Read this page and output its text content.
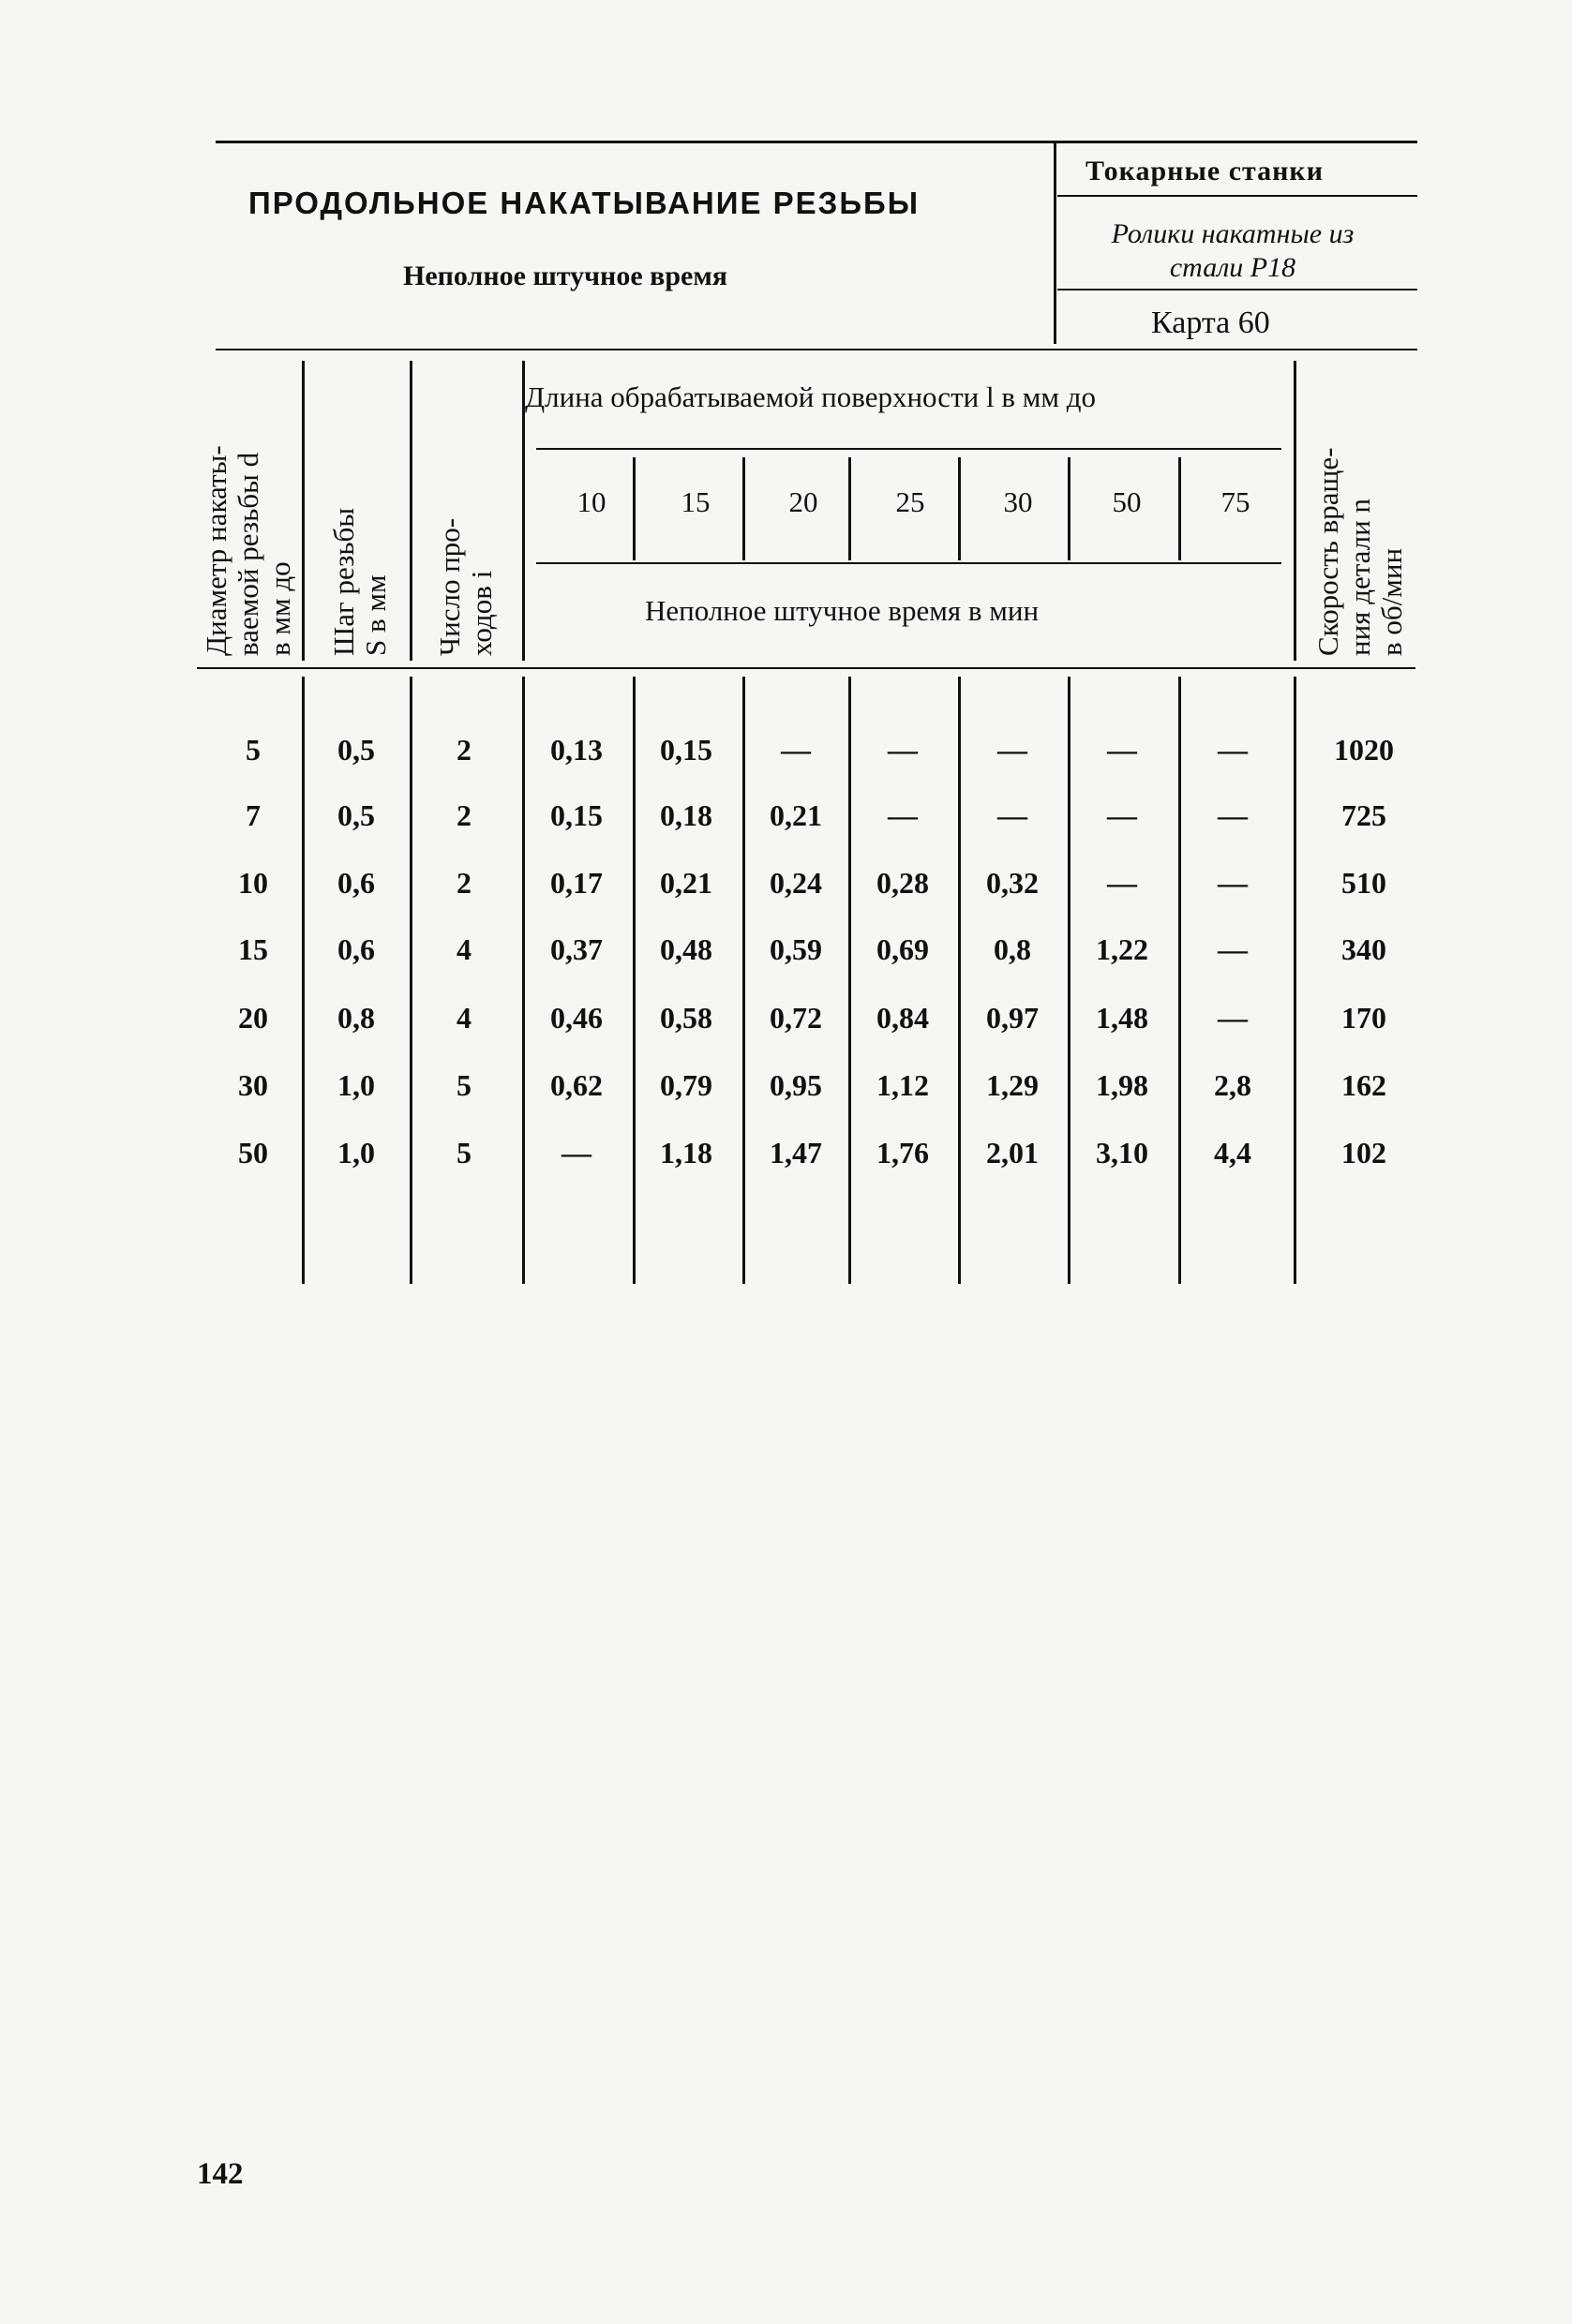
ПРОДОЛЬНОЕ НАКАТЫВАНИЕ РЕЗЬБЫ
Неполное штучное время
Токарные станки
Ролики накатные из стали Р18
Карта 60
Диаметр накаты- ваемой резьбы d в мм до Шаг резьбы S в мм Число про- ходов i	Скорость враще- ния детали n в об/мин
Длина обрабатываемой поверхности l в мм до
Неполное штучное время в мин
10	15	20	25	30	50	75
5	0,5	2	0,13	0,15	—	—	—	—	—	1020
7	0,5	2	0,15	0,18	0,21	—	—	—	—	725
10	0,6	2	0,17	0,21	0,24	0,28	0,32	—	—	510
15	0,6	4	0,37	0,48	0,59	0,69	0,8	1,22	—	340
20	0,8	4	0,46	0,58	0,72	0,84	0,97	1,48	—	170
30	1,0	5	0,62	0,79	0,95	1,12	1,29	1,98	2,8	162
50	1,0	5	—	1,18	1,47	1,76	2,01	3,10	4,4	102
142
